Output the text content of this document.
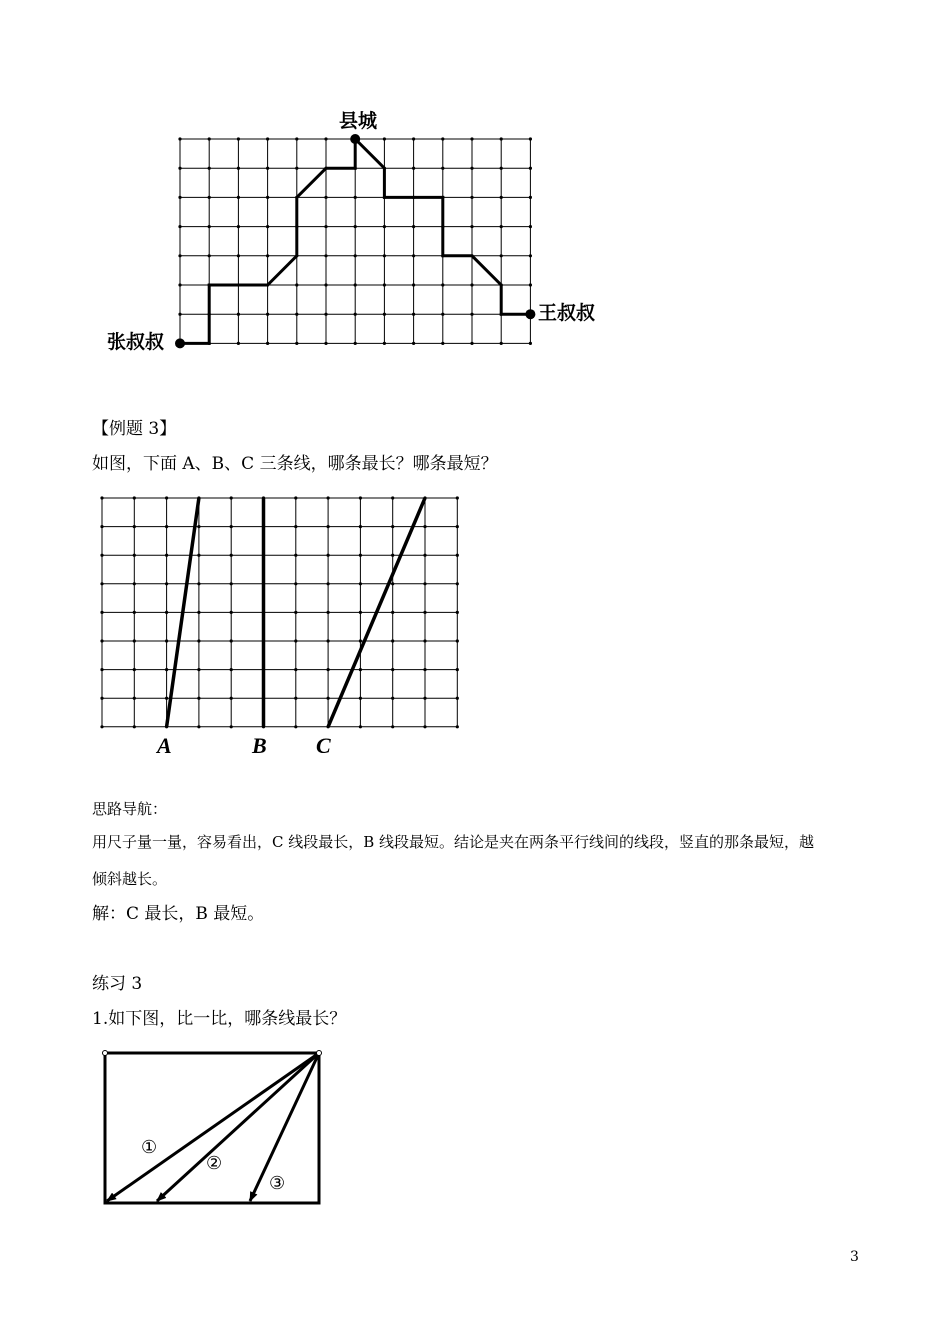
县城
张叔叔
王叔叔
【例题 3】
如图，下面 A、B、C 三条线，哪条最长？哪条最短？
A	B C
思路导航：
用尺子量一量，容易看出，C 线段最长，B 线段最短。结论是夹在两条平行线间的线段，竖直的那条最短，越
倾斜越长。
解：C 最长，B 最短。
练习 3
1.如下图，比一比，哪条线最长？
①
②
③
3
